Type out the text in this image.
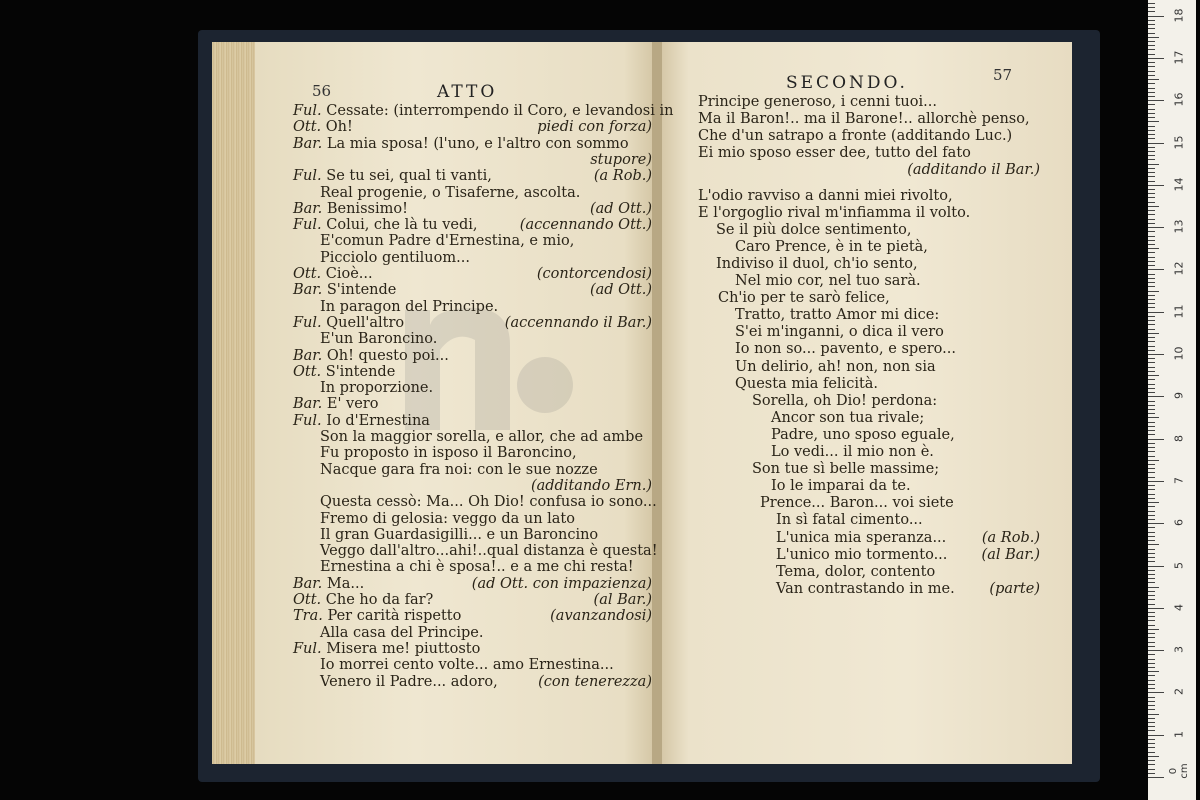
56	ATTO	SECONDO.	57
Ful. Cessate: (interrompendo il Coro, e levandosi in
Ott. Oh!	piedi con forza)
Bar. La mia sposa! (l'uno, e l'altro con sommo
stupore)
Ful. Se tu sei, qual ti vanti,	(a Rob.)
Real progenie, o Tisaferne, ascolta.
Bar. Benissimo!	(ad Ott.)
Ful. Colui, che là tu vedi,	(accennando Ott.)
E'comun Padre d'Ernestina, e mio,
Picciolo gentiluom...
Ott. Cioè...	(contorcendosi)
Bar. S'intende	(ad Ott.)
In paragon del Principe.
Ful. Quell'altro	(accennando il Bar.)
E'un Baroncino.
Bar. Oh! questo poi...
Ott. S'intende
In proporzione.
Bar. E' vero
Ful. Io d'Ernestina
Son la maggior sorella, e allor, che ad ambe
Fu proposto in isposo il Baroncino,
Nacque gara fra noi: con le sue nozze
(additando Ern.)
Questa cessò: Ma... Oh Dio! confusa io sono...
Fremo di gelosia: veggo da un lato
Il gran Guardasigilli... e un Baroncino
Veggo dall'altro...ahi!..qual distanza è questa!
Ernestina a chi è sposa!.. e a me chi resta!
Bar. Ma...	(ad Ott. con impazienza)
Ott. Che ho da far?	(al Bar.)
Tra. Per carità rispetto	(avanzandosi)
Alla casa del Principe.
Ful. Misera me! piuttosto
Io morrei cento volte... amo Ernestina...
Venero il Padre... adoro,	(con tenerezza)
Principe generoso, i cenni tuoi...
Ma il Baron!.. ma il Barone!.. allorchè penso,
Che d'un satrapo a fronte (additando Luc.)
Ei mio sposo esser dee, tutto del fato
(additando il Bar.)
L'odio ravviso a danni miei rivolto,
E l'orgoglio rival m'infiamma il volto.
Se il più dolce sentimento,
Caro Prence, è in te pietà,
Indiviso il duol, ch'io sento,
Nel mio cor, nel tuo sarà.
Ch'io per te sarò felice,
Tratto, tratto Amor mi dice:
S'ei m'inganni, o dica il vero
Io non so... pavento, e spero...
Un delirio, ah! non, non sia
Questa mia felicità.
Sorella, oh Dio! perdona:
Ancor son tua rivale;
Padre, uno sposo eguale,
Lo vedi... il mio non è.
Son tue sì belle massime;
Io le imparai da te.
Prence... Baron... voi siete
In sì fatal cimento...
L'unica mia speranza... (a Rob.)
L'unico mio tormento... (al Bar.)
Tema, dolor, contento
Van contrastando in me. (parte)
1
2
3
4
5
6
7
8
9
10
11
12
13
14
15
16
17
18
0 cm
